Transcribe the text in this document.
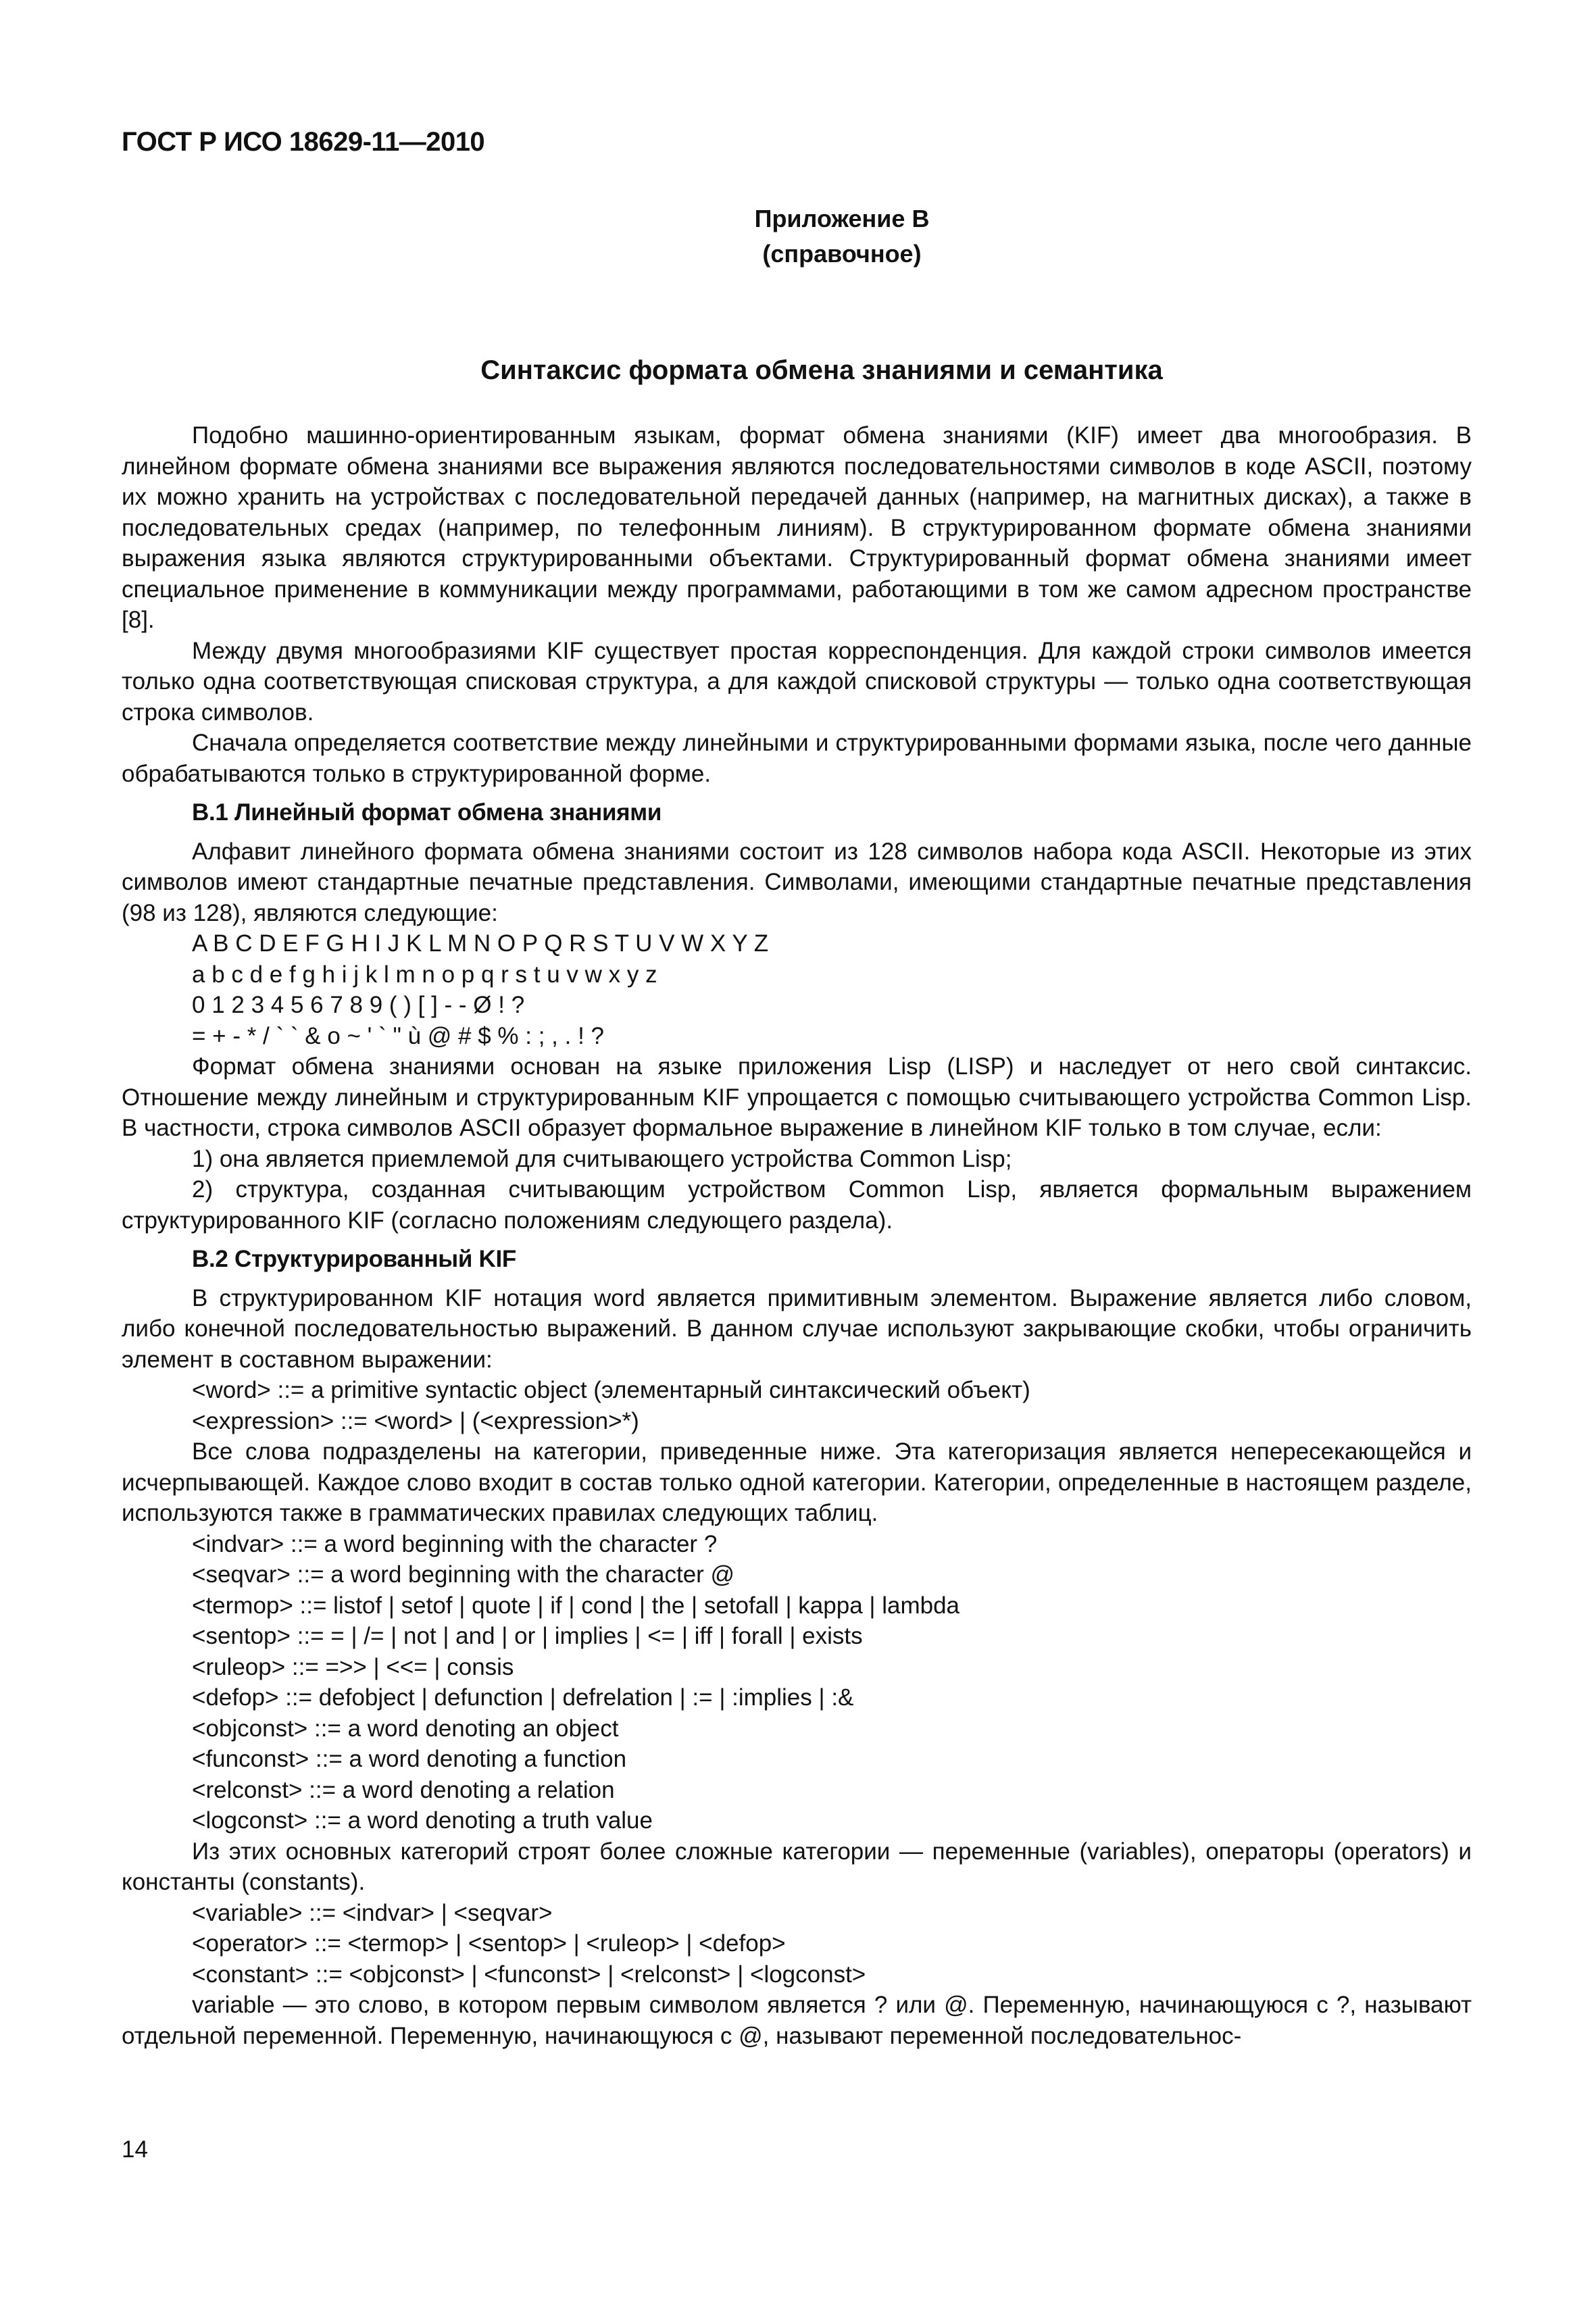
ГОСТ Р ИСО 18629-11—2010
Приложение В
(справочное)
Синтаксис формата обмена знаниями и семантика

Подобно машинно-ориентированным языкам, формат обмена знаниями (KIF) имеет два многообразия. В линейном формате обмена знаниями все выражения являются последовательностями символов в коде ASCII, поэтому их можно хранить на устройствах с последовательной передачей данных (например, на магнитных дисках), а также в последовательных средах (например, по телефонным линиям). В структурированном формате обмена знаниями выражения языка являются структурированными объектами. Структурированный формат обмена знаниями имеет специальное применение в коммуникации между программами, работающими в том же самом адресном пространстве [8].

Между двумя многообразиями KIF существует простая корреспонденция. Для каждой строки символов имеется только одна соответствующая списковая структура, а для каждой списковой структуры — только одна соответствующая строка символов.

Сначала определяется соответствие между линейными и структурированными формами языка, после чего данные обрабатываются только в структурированной форме.

В.1 Линейный формат обмена знаниями

Алфавит линейного формата обмена знаниями состоит из 128 символов набора кода ASCII. Некоторые из этих символов имеют стандартные печатные представления. Символами, имеющими стандартные печатные представления (98 из 128), являются следующие:

A B C D E F G H I J K L M N O P Q R S T U V W X Y Z
a b c d e f g h i j k l m n o p q r s t u v w x y z
0 1 2 3 4 5 6 7 8 9 ( ) [ ] - - Ø ! ?
= + - * / ` ` & o ~ ' ` " ù @ # $ % : ; , . ! ?

Формат обмена знаниями основан на языке приложения Lisp (LISP) и наследует от него свой синтаксис. Отношение между линейным и структурированным KIF упрощается с помощью считывающего устройства Common Lisp. В частности, строка символов ASCII образует формальное выражение в линейном KIF только в том случае, если:

1) она является приемлемой для считывающего устройства Common Lisp;

2) структура, созданная считывающим устройством Common Lisp, является формальным выражением структурированного KIF (согласно положениям следующего раздела).

В.2 Структурированный KIF

В структурированном KIF нотация word является примитивным элементом. Выражение является либо словом, либо конечной последовательностью выражений. В данном случае используют закрывающие скобки, чтобы ограничить элемент в составном выражении:

<word> ::= a primitive syntactic object (элементарный синтаксический объект)
<expression> ::= <word> | (<expression>*)

Все слова подразделены на категории, приведенные ниже. Эта категоризация является непересекающейся и исчерпывающей. Каждое слово входит в состав только одной категории. Категории, определенные в настоящем разделе, используются также в грамматических правилах следующих таблиц.

<indvar> ::= a word beginning with the character ?
<seqvar> ::= a word beginning with the character @
<termop> ::= listof | setof | quote | if | cond | the | setofall | kappa | lambda
<sentop> ::= = | /= | not | and | or | implies | <= | iff | forall | exists
<ruleop> ::= =>> | <<= | consis
<defop> ::= defobject | defunction | defrelation | := | :implies | :&
<objconst> ::= a word denoting an object
<funconst> ::= a word denoting a function
<relconst> ::= a word denoting a relation
<logconst> ::= a word denoting a truth value

Из этих основных категорий строят более сложные категории — переменные (variables), операторы (operators) и константы (constants).

<variable> ::= <indvar> | <seqvar>
<operator> ::= <termop> | <sentop> | <ruleop> | <defop>
<constant> ::= <objconst> | <funconst> | <relconst> | <logconst>

variable — это слово, в котором первым символом является ? или @. Переменную, начинающуюся с ?, называют отдельной переменной. Переменную, начинающуюся с @, называют переменной последовательнос-

14
